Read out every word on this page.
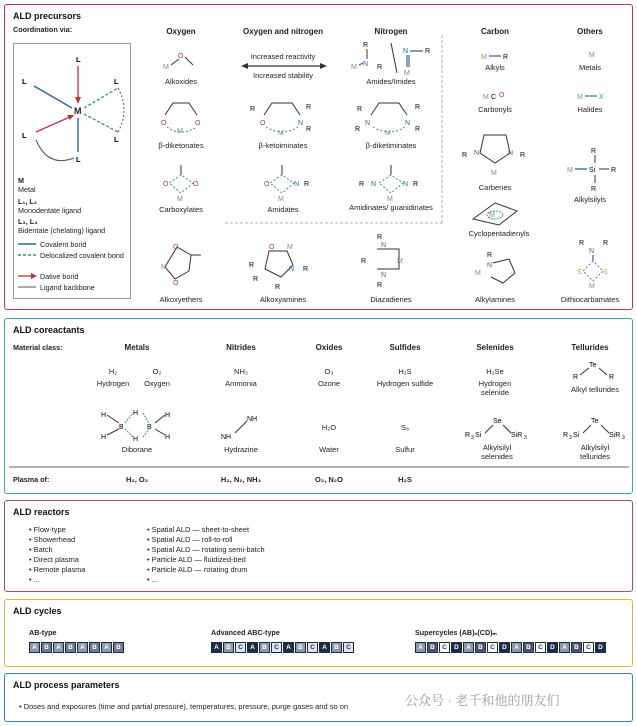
ALD precursors
Coordination via:	Oxygen	Oxygen and nitrogen	Nitrogen	Carbon	Others
M
L
L
L
L
L
L
M
Metal
L₁, L₂
Monodentate ligand
L₃, L₄
Bidentate (chelating) ligand
Covalent bond
Delocalized covalent bond
Dative bond
Ligand backbone
Increased reactivity
Increased stability
M
O
Alkoxides
O	O
M
β-diketonates
O	O
M
Carboxylates
O
M
O
Alkoxyethers
O	N
R
R	R
M
β-ketoiminates
O	N R
M
Amidates
O M
N
R
R
R
R
Alkoxyamines
R
M N R
N R
M
Amides/Imides
N	N
R	R
R	R
M
β-diketiminates
N	N
R	R
M
Amidinates/ guanidinates
N
N
M
R
R
R
Diazadienes
M R
Alkyls
M C O
Carbonyls
N	N
R	R
M
Carbenes
M
Cyclopentadienyls
N
M
R
Alkylamines
M
Metals
M X
Halides
R
M Si R
R
Alkylsilyls
R	R
N
S	S
M
Dithiocarbamates
ALD coreactants
Material class:	Metals	Nitrides	Oxides	Sulfides	Selenides	Tellurides
H₂
Hydrogen
O₂
Oxygen
NH₃
Ammonia
O₃
Ozone
H₂S
Hydrogen sulfide
H₂Se
Hydrogen selenide
R
Te
R
Alkyl tellurides
H
H
B	B
H
H
H
H
Diborane
NH
NH
Hydrazine
H₂O
Water
S₈
Sulfur
R 3 Si
Se
SiR 3
Alkylsilyl selenides
R 3 Si
Te
SiR 3
Alkylsilyl tellurides
Plasma of:	H₂, O₂	H₂, N₂, NH₃	O₂, N₂O	H₂S
ALD reactors
• Flow-type
• Showerhead
• Batch
• Direct plasma
• Remote plasma
• ...
• Spatial ALD — sheet-to-sheet
• Spatial ALD — roll-to-roll
• Spatial ALD — rotating semi-batch
• Particle ALD — fluidized-bed
• Particle ALD — rotating drum
• ...
ALD cycles
AB-type	Advanced ABC-type	Supercycles (AB)ₙ(CD)ₘ
A	B	A	B	A	B	A	B	A	B	C	A	B	C	A	B	C	A	B	C	A	B	C	D	A	B	C	D	A	B	C	D	A	B	C	D
ALD process parameters
• Doses and exposures (time and partial pressure), temperatures, pressure, purge gases and so on	公众号 · 老千和他的朋友们
